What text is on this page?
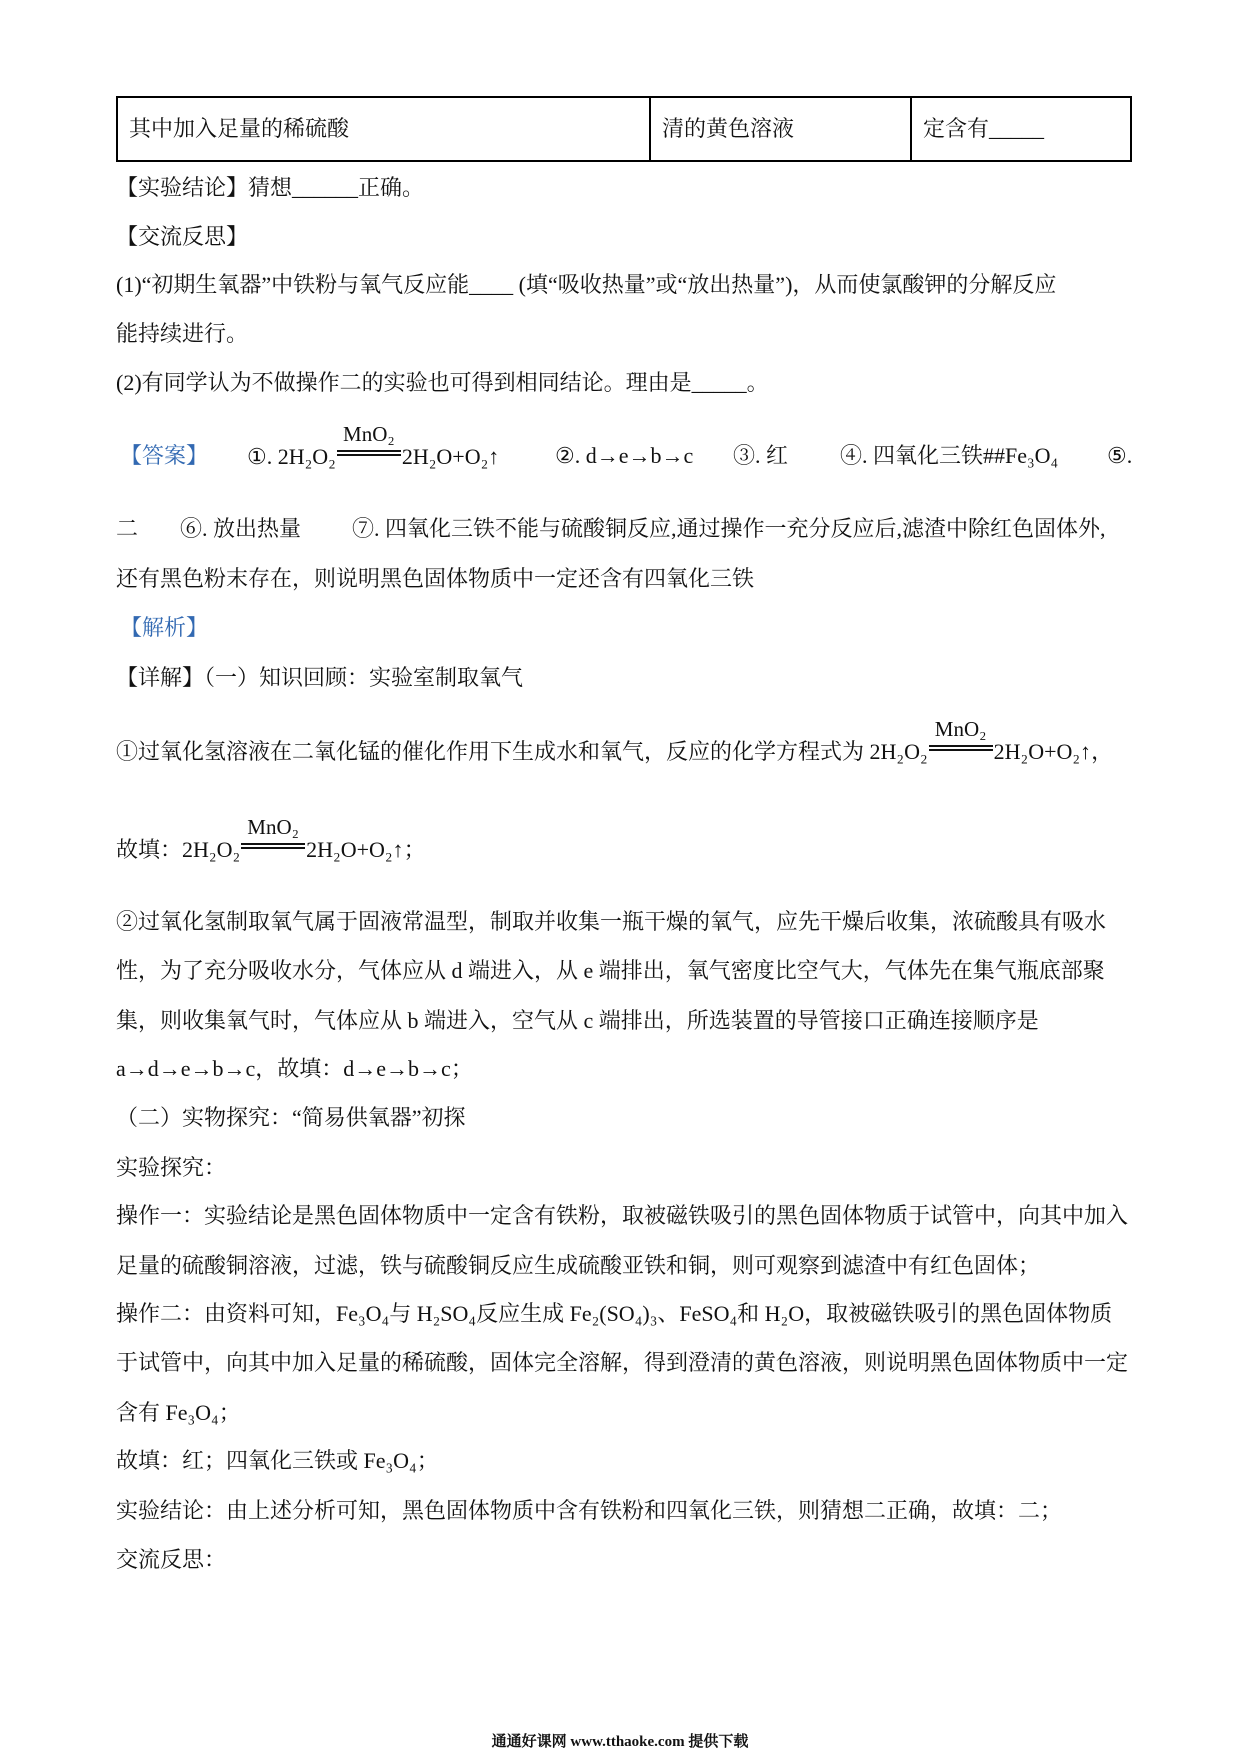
其中加入足量的稀硫酸	清的黄色溶液	定含有_____
【实验结论】猜想______正确。
【交流反思】
(1)“初期生氧器”中铁粉与氧气反应能____ (填“吸收热量”或“放出热量”)，从而使氯酸钾的分解反应
能持续进行。
(2)有同学认为不做操作二的实验也可得到相同结论。理由是_____。
【答案】 ①. 2H₂O₂
MnO₂
2H₂O+O₂↑	②. d→e→b→c ③. 红 ④. 四氧化三铁##Fe₃O₄ ⑤.
二 ⑥. 放出热量 ⑦. 四氧化三铁不能与硫酸铜反应,通过操作一充分反应后,滤渣中除红色固体外,
还有黑色粉末存在，则说明黑色固体物质中一定还含有四氧化三铁
【解析】
【详解】（一）知识回顾：实验室制取氧气
①过氧化氢溶液在二氧化锰的催化作用下生成水和氧气，反应的化学方程式为 2H₂O₂
MnO₂
2H₂O+O₂↑，
故填：2H₂O₂
MnO₂
2H₂O+O₂↑；
②过氧化氢制取氧气属于固液常温型，制取并收集一瓶干燥的氧气，应先干燥后收集，浓硫酸具有吸水
性，为了充分吸收水分，气体应从 d 端进入，从 e 端排出，氧气密度比空气大，气体先在集气瓶底部聚
集，则收集氧气时，气体应从 b 端进入，空气从 c 端排出，所选装置的导管接口正确连接顺序是
a→d→e→b→c，故填：d→e→b→c；
（二）实物探究：“简易供氧器”初探
实验探究：
操作一：实验结论是黑色固体物质中一定含有铁粉，取被磁铁吸引的黑色固体物质于试管中，向其中加入
足量的硫酸铜溶液，过滤，铁与硫酸铜反应生成硫酸亚铁和铜，则可观察到滤渣中有红色固体；
操作二：由资料可知，Fe₃O₄与 H₂SO₄反应生成 Fe₂(SO₄)₃、FeSO₄和 H₂O，取被磁铁吸引的黑色固体物质
于试管中，向其中加入足量的稀硫酸，固体完全溶解，得到澄清的黄色溶液，则说明黑色固体物质中一定
含有 Fe₃O₄；
故填：红；四氧化三铁或 Fe₃O₄；
实验结论：由上述分析可知，黑色固体物质中含有铁粉和四氧化三铁，则猜想二正确，故填：二；
交流反思：
通通好课网 www.tthaoke.com 提供下载
